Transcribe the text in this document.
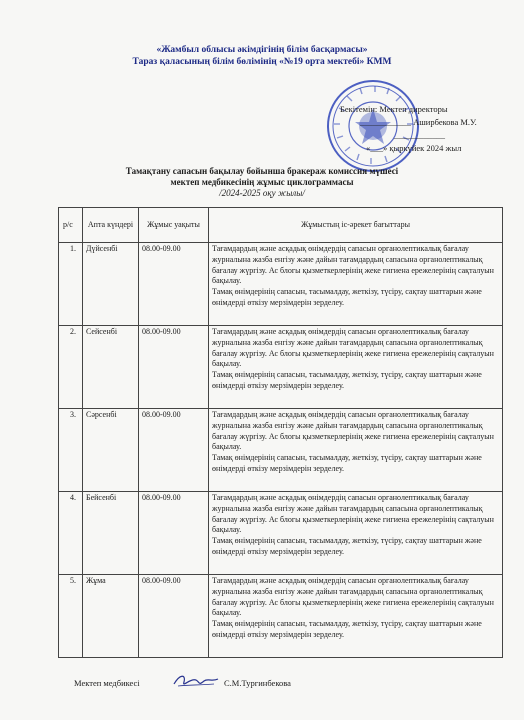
«Жамбыл облысы әкімдігінің білім басқармасы»
Тараз қаласының білім бөлімінің «№19 орта мектебі» КММ
Бекітемін: Мектеп директоры
____________ Аширбекова М.У.
____________
«___» қыркүйек 2024 жыл
Тамақтану сапасын бақылау бойынша бракераж комиссия мүшесі
мектеп медбикесінің жұмыс циклограммасы
/2024-2025 оқу жылы/
р/с	Апта күндері	Жұмыс уақыты	Жұмыстың іс-әрекет бағыттары
1.	Дүйсенбі	08.00-09.00	Тағамдардың және асқадық өнімдердің сапасын органолептикалық бағалау журналына жазба енгізу және дайын тағамдардың сапасына органолептикалық бағалау жүргізу. Ас блогы қызметкерлерінің жеке гигиена ережелерінің сақталуын бақылау.
Тамақ өнімдерінің сапасын, тасымалдау, жеткізу, түсіру, сақтау шаттарын және өнімдерді өткізу мерзімдерін зерделеу.

2.	Сейсенбі	08.00-09.00	Тағамдардың және асқадық өнімдердің сапасын органолептикалық бағалау журналына жазба енгізу және дайын тағамдардың сапасына органолептикалық бағалау жүргізу. Ас блогы қызметкерлерінің жеке гигиена ережелерінің сақталуын бақылау.
Тамақ өнімдерінің сапасын, тасымалдау, жеткізу, түсіру, сақтау шаттарын және өнімдерді өткізу мерзімдерін зерделеу.

3.	Сәрсенбі	08.00-09.00	Тағамдардың және асқадық өнімдердің сапасын органолептикалық бағалау журналына жазба енгізу және дайын тағамдардың сапасына органолептикалық бағалау жүргізу. Ас блогы қызметкерлерінің жеке гигиена ережелерінің сақталуын бақылау.
Тамақ өнімдерінің сапасын, тасымалдау, жеткізу, түсіру, сақтау шаттарын және өнімдерді өткізу мерзімдерін зерделеу.

4.	Бейсенбі	08.00-09.00	Тағамдардың және асқадық өнімдердің сапасын органолептикалық бағалау журналына жазба енгізу және дайын тағамдардың сапасына органолептикалық бағалау жүргізу. Ас блогы қызметкерлерінің жеке гигиена ережелерінің сақталуын бақылау.
Тамақ өнімдерінің сапасын, тасымалдау, жеткізу, түсіру, сақтау шаттарын және өнімдерді өткізу мерзімдерін зерделеу.

5.	Жұма	08.00-09.00	Тағамдардың және асқадық өнімдердің сапасын органолептикалық бағалау журналына жазба енгізу және дайын тағамдардың сапасына органолептикалық бағалау жүргізу. Ас блогы қызметкерлерінің жеке гигиена ережелерінің сақталуын бақылау.
Тамақ өнімдерінің сапасын, тасымалдау, жеткізу, түсіру, сақтау шаттарын және өнімдерді өткізу мерзімдерін зерделеу.
Мектеп медбикесі	С.М.Тургинбекова
